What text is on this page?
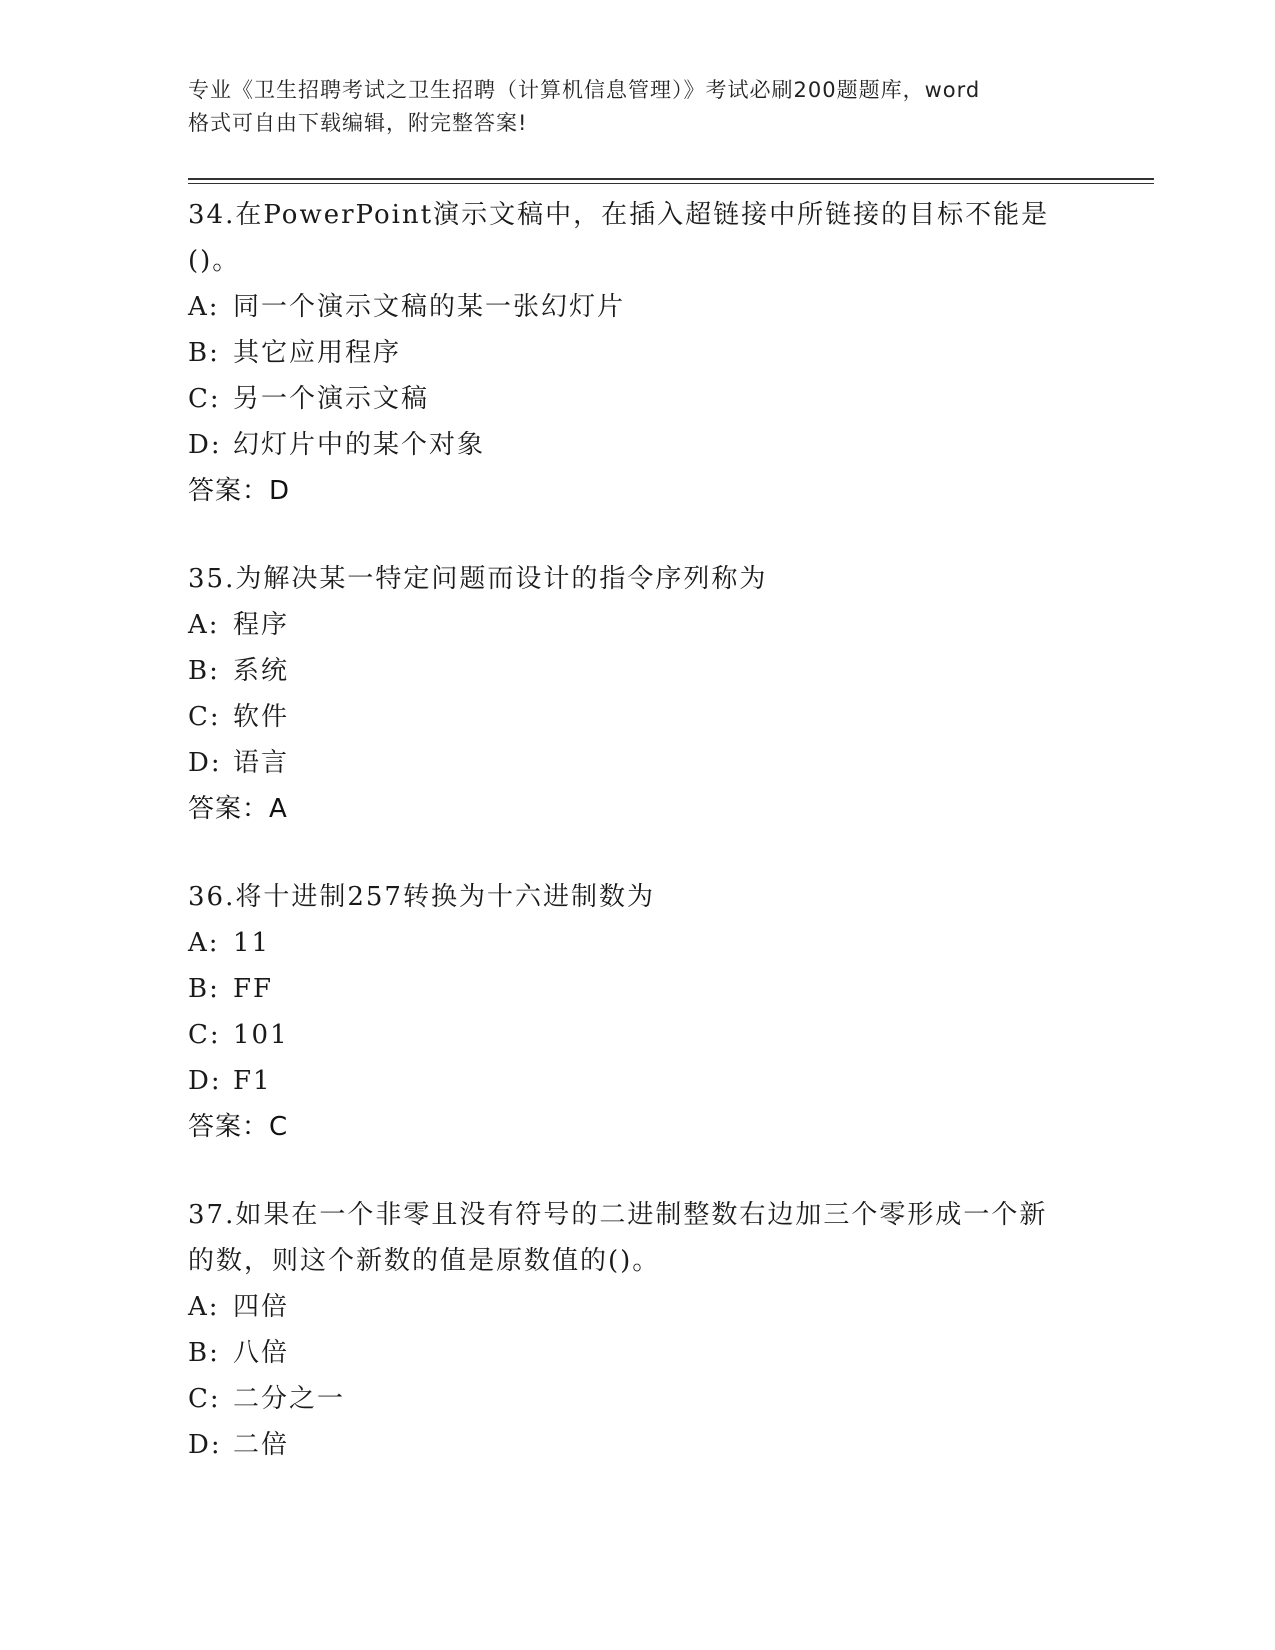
专业《卫生招聘考试之卫生招聘（计算机信息管理）》考试必刷200题题库，word
格式可自由下载编辑，附完整答案!

34.在PowerPoint演示文稿中，在插入超链接中所链接的目标不能是

()。

A: 同一个演示文稿的某一张幻灯片

B: 其它应用程序

C: 另一个演示文稿

D: 幻灯片中的某个对象

答案：D

35.为解决某一特定问题而设计的指令序列称为

A: 程序

B: 系统

C: 软件

D: 语言

答案：A

36.将十进制257转换为十六进制数为

A: 11

B: FF

C: 101

D: F1

答案：C

37.如果在一个非零且没有符号的二进制整数右边加三个零形成一个新

的数，则这个新数的值是原数值的()。

A: 四倍

B: 八倍

C: 二分之一

D: 二倍
